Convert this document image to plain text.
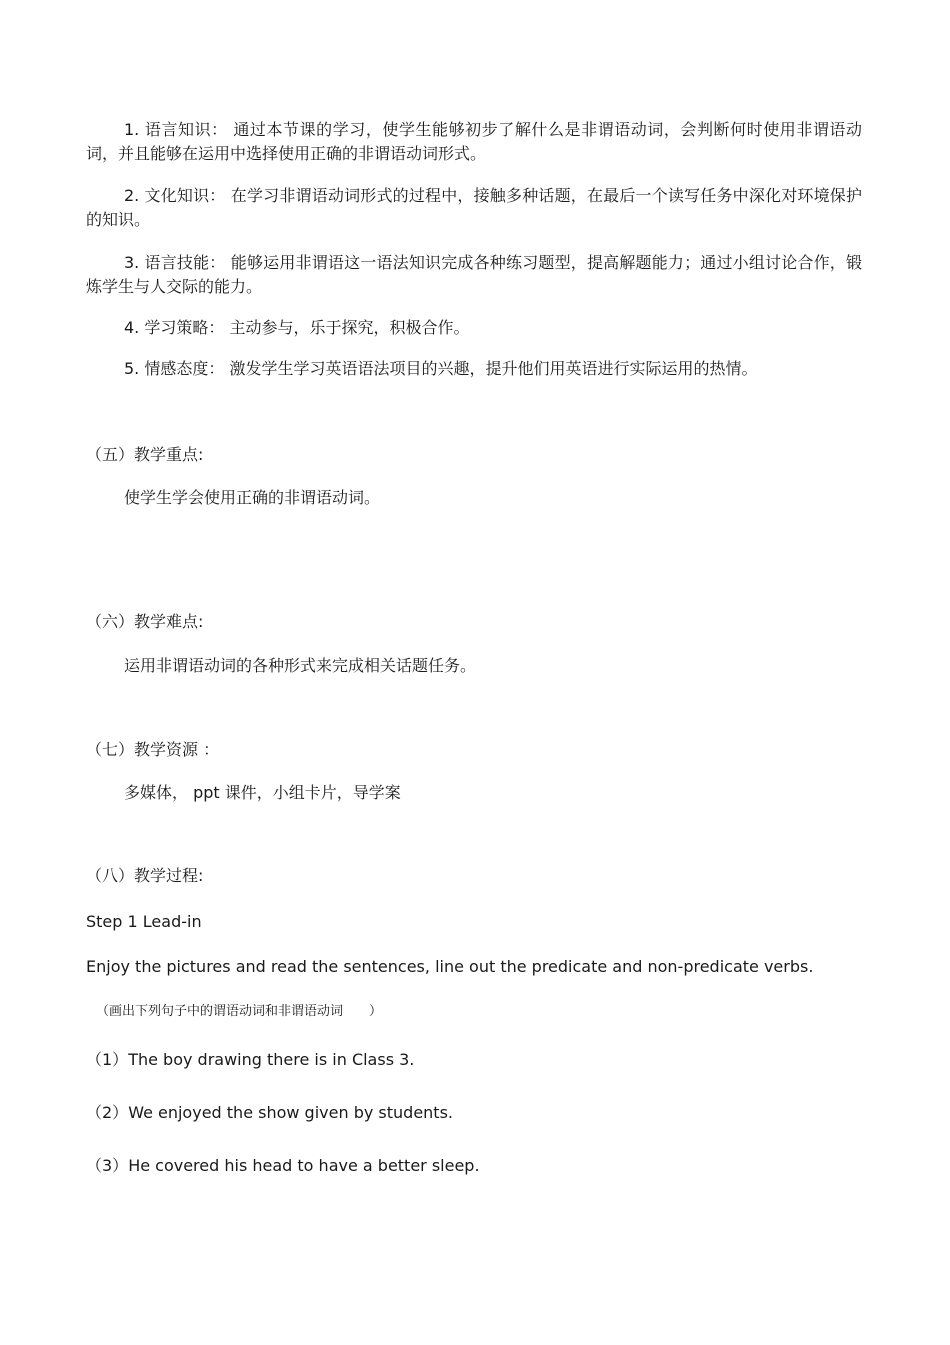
1. 语言知识： 通过本节课的学习，使学生能够初步了解什么是非谓语动词，会判断何时使用非谓语动词，并且能够在运用中选择使用正确的非谓语动词形式。

2. 文化知识： 在学习非谓语动词形式的过程中，接触多种话题，在最后一个读写任务中深化对环境保护的知识。

3. 语言技能： 能够运用非谓语这一语法知识完成各种练习题型，提高解题能力；通过小组讨论合作，锻炼学生与人交际的能力。

4. 学习策略： 主动参与，乐于探究，积极合作。

5. 情感态度： 激发学生学习英语语法项目的兴趣，提升他们用英语进行实际运用的热情。

（五）教学重点:

使学生学会使用正确的非谓语动词。

（六）教学难点:

运用非谓语动词的各种形式来完成相关话题任务。

（七）教学资源 ：

多媒体， ppt 课件，小组卡片，导学案

（八）教学过程:

Step 1 Lead-in

Enjoy the pictures and read the sentences, line out the predicate and non-predicate verbs.

（画出下列句子中的谓语动词和非谓语动词　　）

（1）The boy drawing there is in Class 3.

（2）We enjoyed the show given by students.

（3）He covered his head to have a better sleep.
